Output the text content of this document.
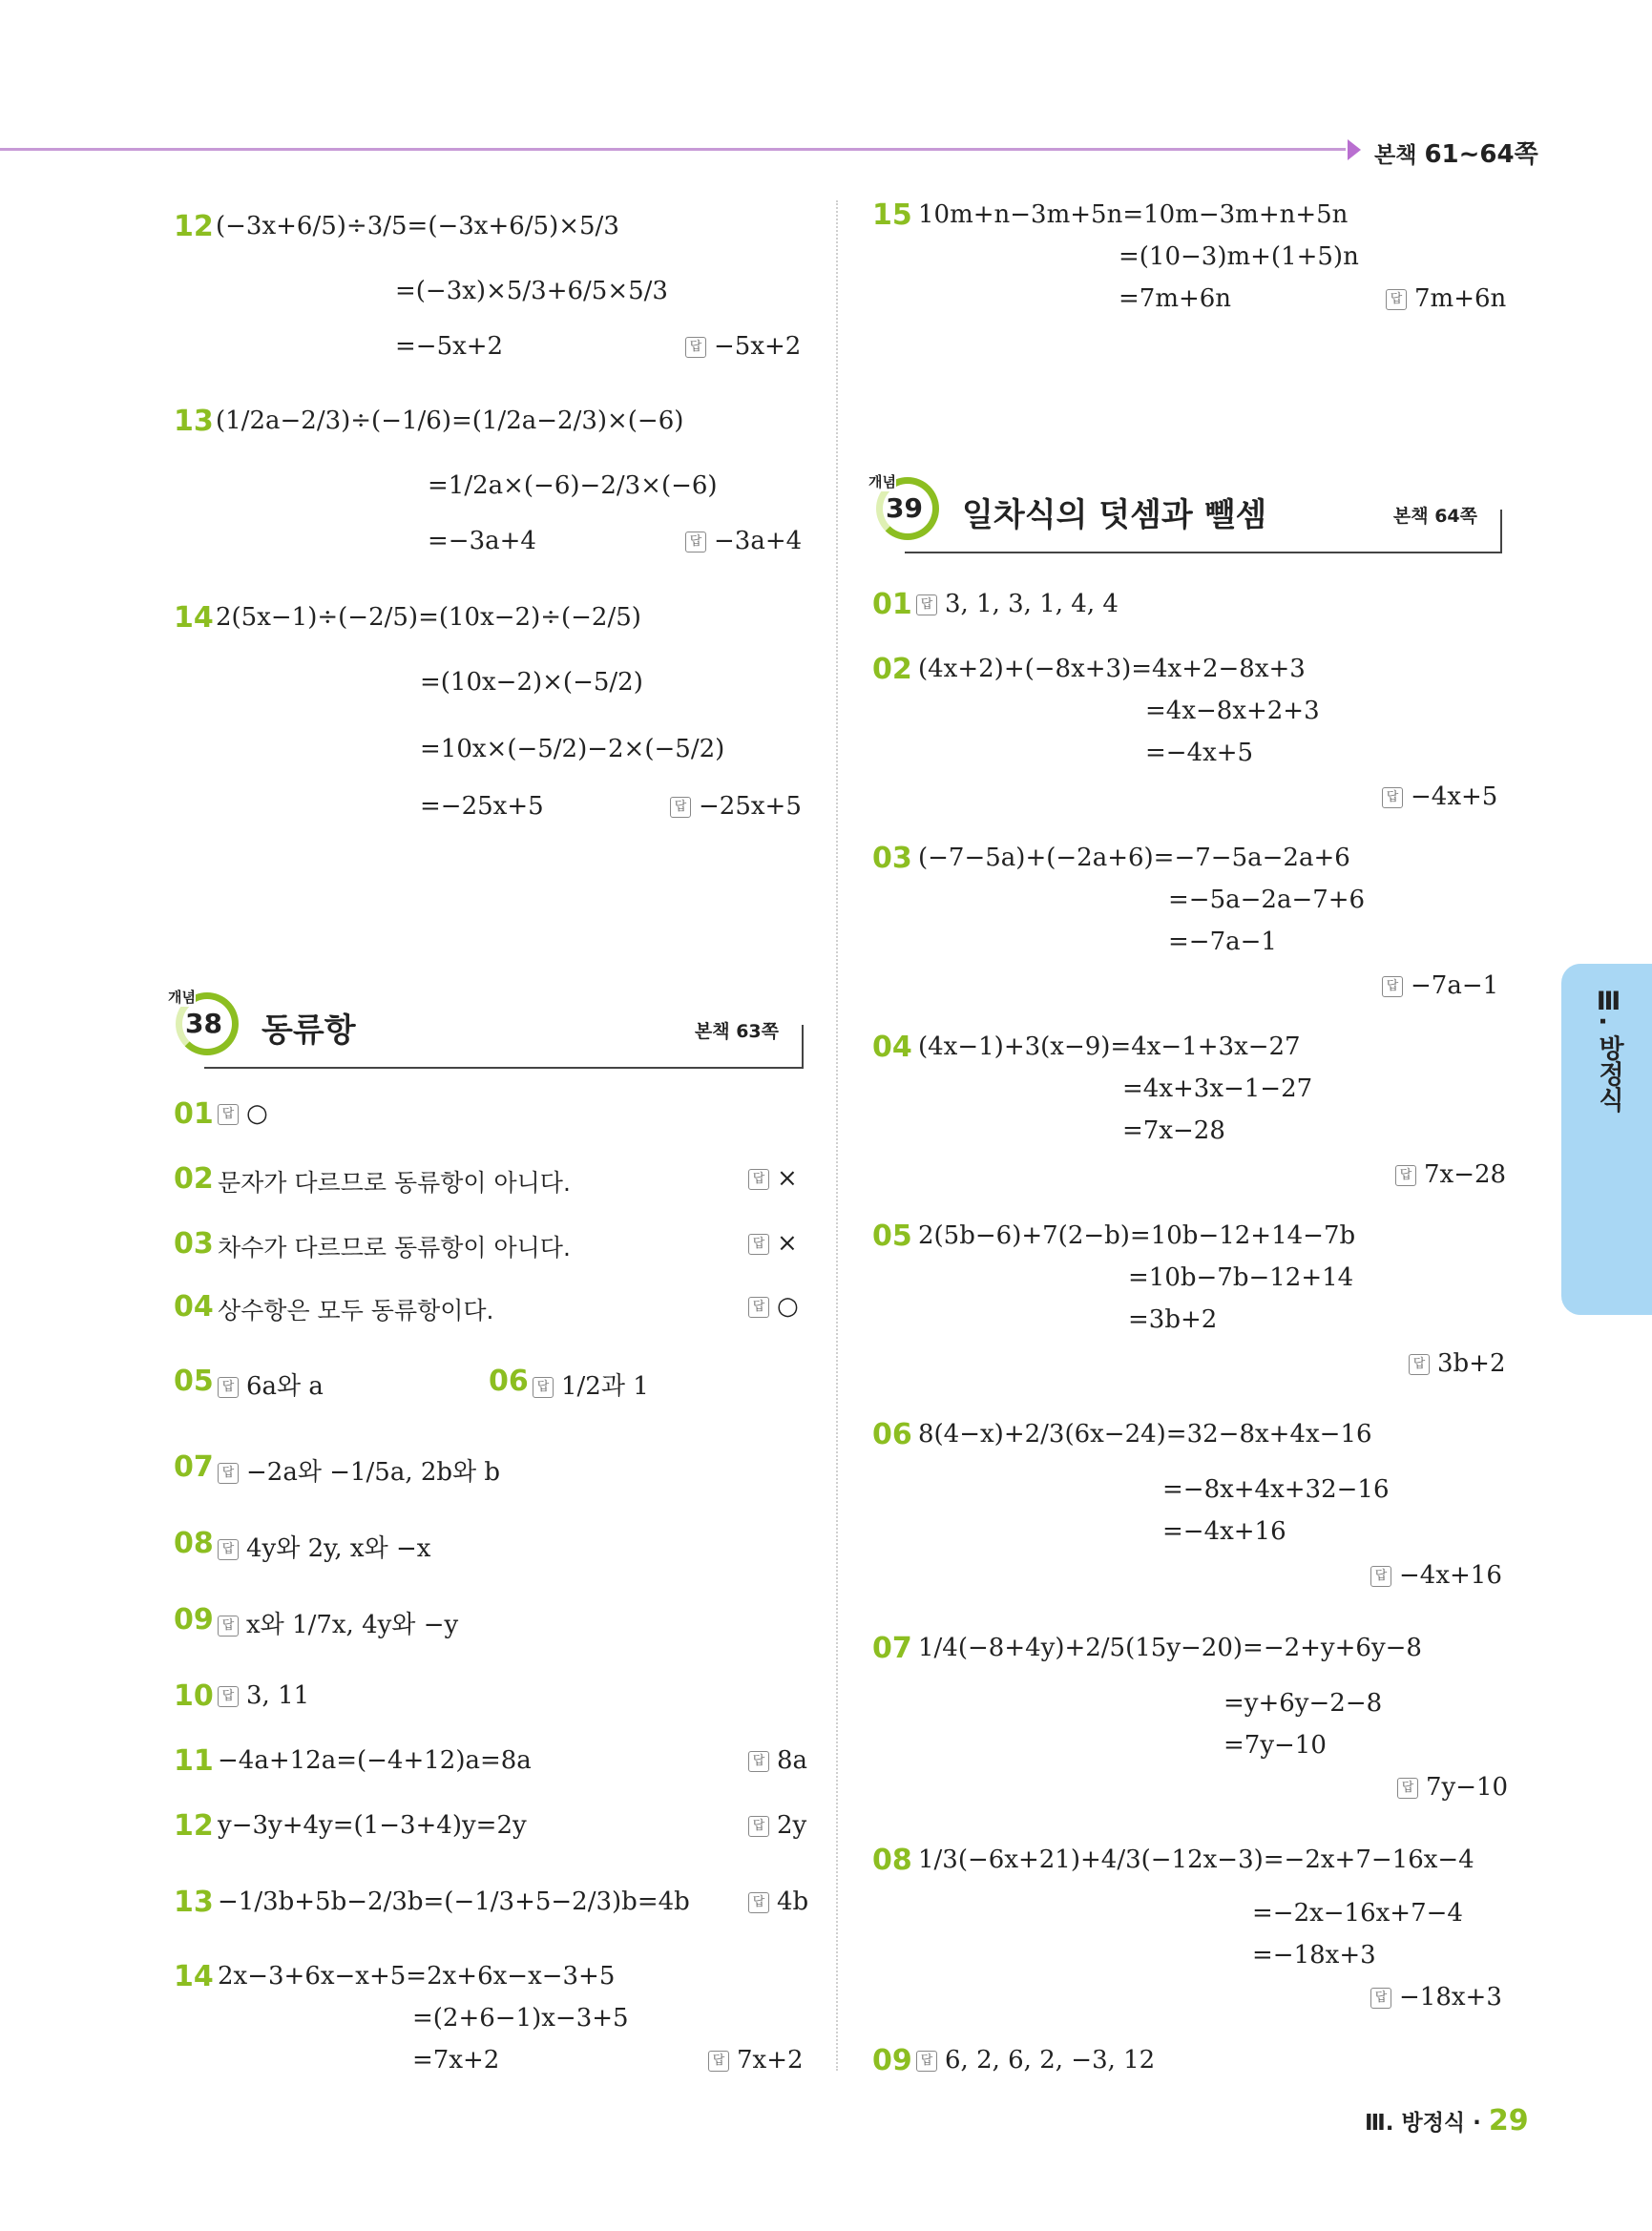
본책 61~64쪽
12 (−3x+6/5)÷3/5=(−3x+6/5)×5/3
=(−3x)×5/3+6/5×5/3
=−5x+2	답 −5x+2
13 (1/2a−2/3)÷(−1/6)=(1/2a−2/3)×(−6)
=1/2a×(−6)−2/3×(−6)
=−3a+4	답 −3a+4
14 2(5x−1)÷(−2/5)=(10x−2)÷(−2/5)
=(10x−2)×(−5/2)
=10x×(−5/2)−2×(−5/2)
=−25x+5	답 −25x+5
개념
38 동류항	본책 63쪽
01 답 ○
02 문자가 다르므로 동류항이 아니다.	답 ×
03 차수가 다르므로 동류항이 아니다.	답 ×
04 상수항은 모두 동류항이다.	답 ○
05 답 6a와 a	06 답 1/2과 1
07 답 −2a와 −1/5a, 2b와 b
08 답 4y와 2y, x와 −x
09 답 x와 1/7x, 4y와 −y
10 답 3, 11
11 −4a+12a=(−4+12)a=8a	답 8a
12 y−3y+4y=(1−3+4)y=2y	답 2y
13 −1/3b+5b−2/3b=(−1/3+5−2/3)b=4b	답 4b
14 2x−3+6x−x+5=2x+6x−x−3+5
=(2+6−1)x−3+5
=7x+2	답 7x+2
15 10m+n−3m+5n=10m−3m+n+5n
=(10−3)m+(1+5)n
=7m+6n	답 7m+6n
개념
39 일차식의 덧셈과 뺄셈	본책 64쪽
01 답 3, 1, 3, 1, 4, 4
02 (4x+2)+(−8x+3)=4x+2−8x+3
=4x−8x+2+3
=−4x+5
답 −4x+5
03 (−7−5a)+(−2a+6)=−7−5a−2a+6
=−5a−2a−7+6
=−7a−1
답 −7a−1
04 (4x−1)+3(x−9)=4x−1+3x−27
=4x+3x−1−27
=7x−28
답 7x−28
05 2(5b−6)+7(2−b)=10b−12+14−7b
=10b−7b−12+14
=3b+2
답 3b+2
06 8(4−x)+2/3(6x−24)=32−8x+4x−16
=−8x+4x+32−16
=−4x+16
답 −4x+16
07 1/4(−8+4y)+2/5(15y−20)=−2+y+6y−8
=y+6y−2−8
=7y−10
답 7y−10
08 1/3(−6x+21)+4/3(−12x−3)=−2x+7−16x−4
=−2x−16x+7−4
=−18x+3
답 −18x+3
09 답 6, 2, 6, 2, −3, 12
Ⅲ. 방정식
Ⅲ. 방정식 · 29
